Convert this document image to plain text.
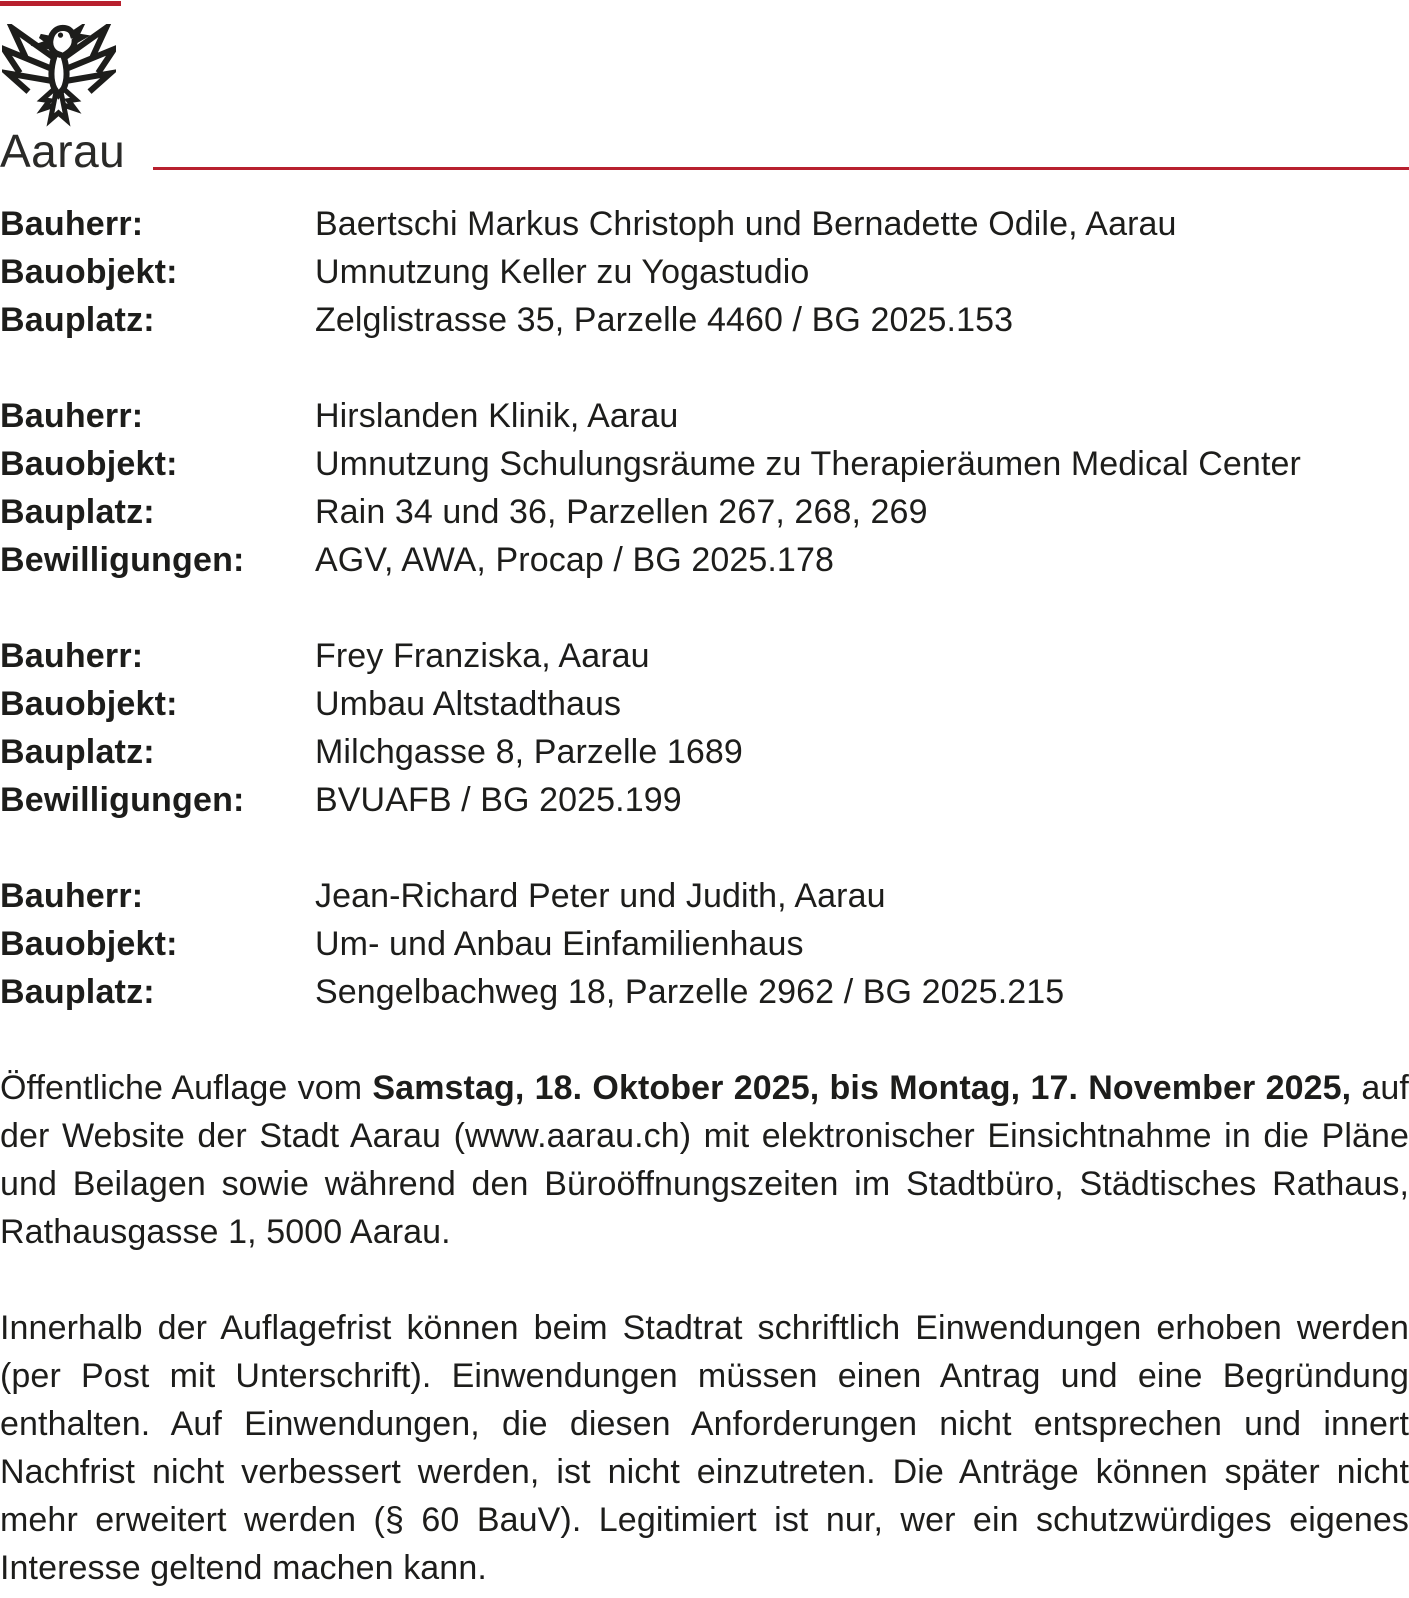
Aarau
Bauherr:	Baertschi Markus Christoph und Bernadette Odile, Aarau
Bauobjekt:	Umnutzung Keller zu Yogastudio
Bauplatz:	Zelglistrasse 35, Parzelle 4460 / BG 2025.153
Bauherr:	Hirslanden Klinik, Aarau
Bauobjekt:	Umnutzung Schulungsräume zu Therapieräumen Medical Center
Bauplatz:	Rain 34 und 36, Parzellen 267, 268, 269
Bewilligungen:	AGV, AWA, Procap / BG 2025.178
Bauherr:	Frey Franziska, Aarau
Bauobjekt:	Umbau Altstadthaus
Bauplatz:	Milchgasse 8, Parzelle 1689
Bewilligungen:	BVUAFB / BG 2025.199
Bauherr:	Jean-Richard Peter und Judith, Aarau
Bauobjekt:	Um- und Anbau Einfamilienhaus
Bauplatz:	Sengelbachweg 18, Parzelle 2962 / BG 2025.215

Öffentliche Auflage vom Samstag, 18. Oktober 2025, bis Montag, 17. November 2025, auf der Website der Stadt Aarau (www.aarau.ch) mit elektronischer Einsichtnahme in die Pläne und Beilagen sowie während den Büroöffnungszeiten im Stadtbüro, Städtisches Rathaus, Rathausgasse 1, 5000 Aarau.

Innerhalb der Auflagefrist können beim Stadtrat schriftlich Einwendungen erhoben werden (per Post mit Unterschrift). Einwendungen müssen einen Antrag und eine Begründung enthalten. Auf Einwendungen, die diesen Anforderungen nicht entsprechen und innert Nachfrist nicht verbessert werden, ist nicht einzutreten. Die Anträge können später nicht mehr erweitert werden (§ 60 BauV). Legitimiert ist nur, wer ein schutzwürdiges eigenes Interesse geltend machen kann.
